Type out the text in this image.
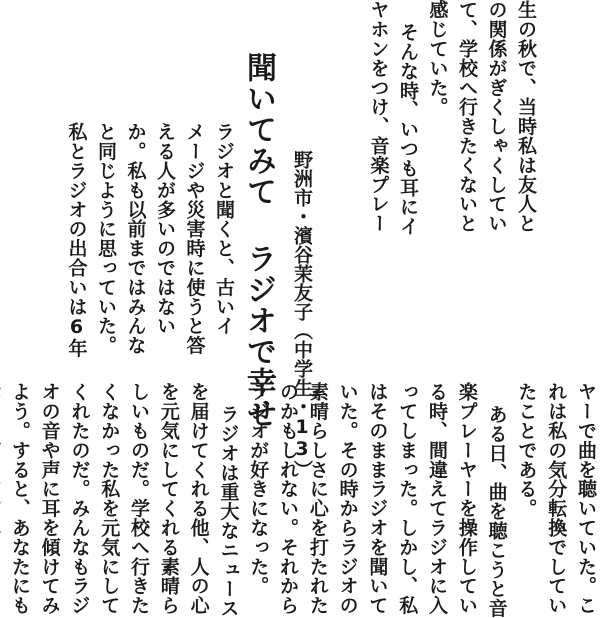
聞いてみて ラジオで幸せ 野洲市・濱谷茉友子（中学生・13）

ラジオと聞くと、古いイ
メージや災害時に使うと答
える人が多いのではない
か。私も以前まではみんな
と同じように思っていた。
私とラジオの出合いは6年

生の秋で、当時私は友人と
の関係がぎくしゃくしてい
て、学校へ行きたくないと
感じていた。
そんな時、いつも耳にイ
ヤホンをつけ、音楽プレー

ヤーで曲を聴いていた。こ
れは私の気分転換でしてい
たことである。
ある日、曲を聴こうと音
楽プレーヤーを操作してい
る時、間違えてラジオに入
ってしまった。しかし、私
はそのままラジオを聞いて
いた。その時からラジオの
素晴らしさに心を打たれた
のかもしれない。それから
ラジオが好きになった。
ラジオは重大なニュース
を届けてくれる他、人の心
を元気にしてくれる素晴ら
しいものだ。学校へ行きた
くなかった私を元気にして
くれたのだ。みんなもラジ
オの音や声に耳を傾けてみ
よう。すると、あなたにも
